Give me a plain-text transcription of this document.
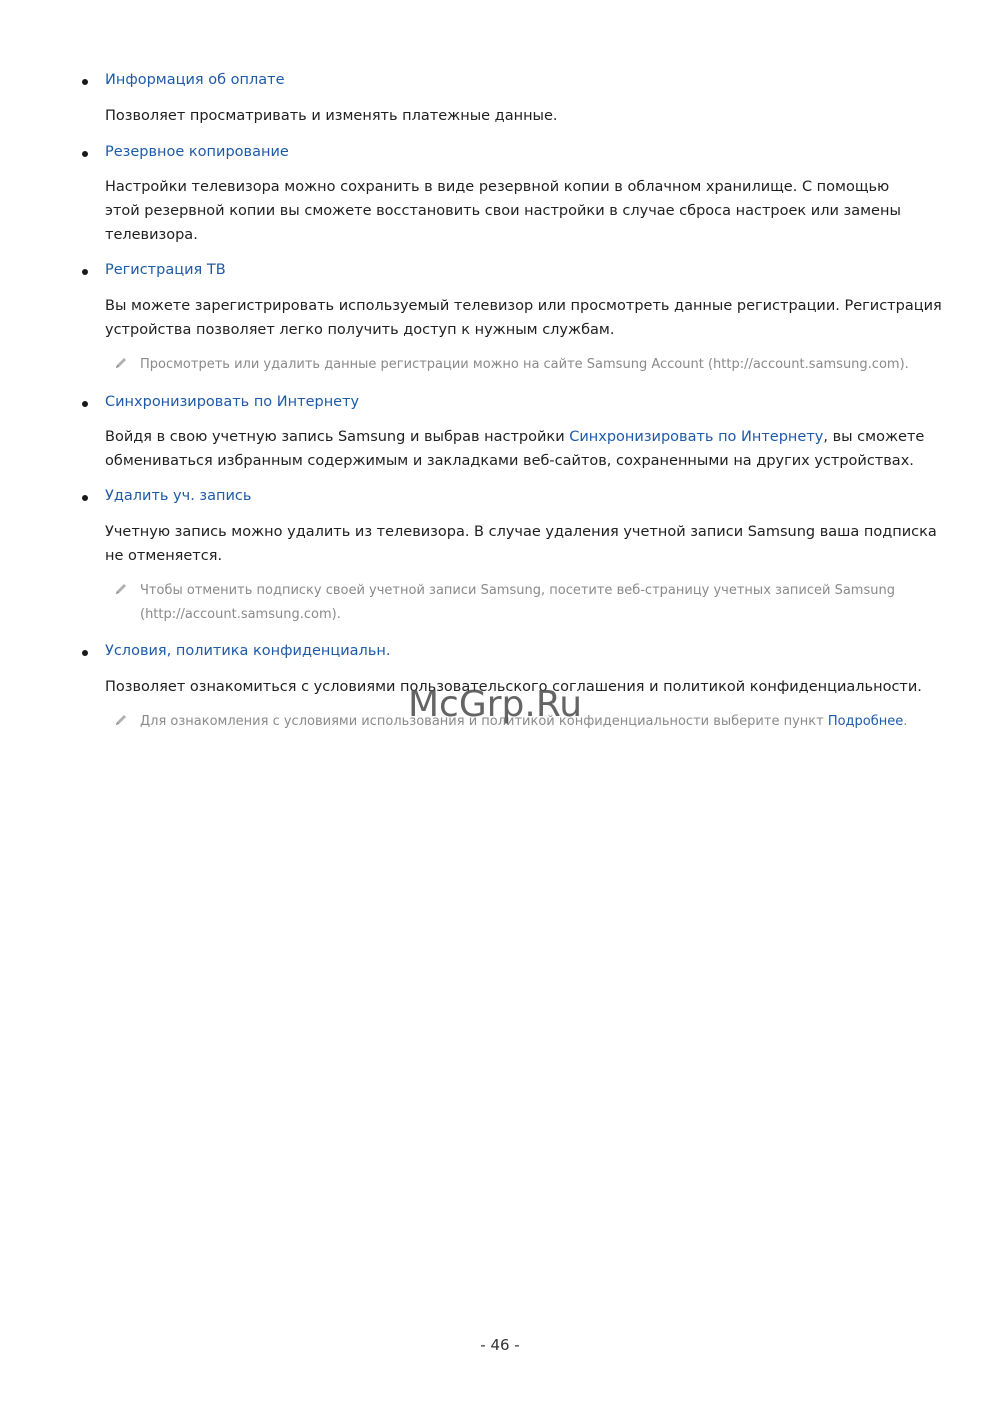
Информация об оплате
Позволяет просматривать и изменять платежные данные.
Резервное копирование
Настройки телевизора можно сохранить в виде резервной копии в облачном хранилище. С помощью
этой резервной копии вы сможете восстановить свои настройки в случае сброса настроек или замены
телевизора.
Регистрация ТВ
Вы можете зарегистрировать используемый телевизор или просмотреть данные регистрации. Регистрация
устройства позволяет легко получить доступ к нужным службам.
Просмотреть или удалить данные регистрации можно на сайте Samsung Account (http://account.samsung.com).
Синхронизировать по Интернету
Войдя в свою учетную запись Samsung и выбрав настройки Синхронизировать по Интернету, вы сможете
обмениваться избранным содержимым и закладками веб-сайтов, сохраненными на других устройствах.
Удалить уч. запись
Учетную запись можно удалить из телевизора. В случае удаления учетной записи Samsung ваша подписка
не отменяется.
Чтобы отменить подписку своей учетной записи Samsung, посетите веб-страницу учетных записей Samsung
(http://account.samsung.com).
Условия, политика конфиденциальн.
Позволяет ознакомиться с условиями пользовательского соглашения и политикой конфиденциальности.
Для ознакомления с условиями использования и политикой конфиденциальности выберите пункт Подробнее.
McGrp.Ru
- 46 -
